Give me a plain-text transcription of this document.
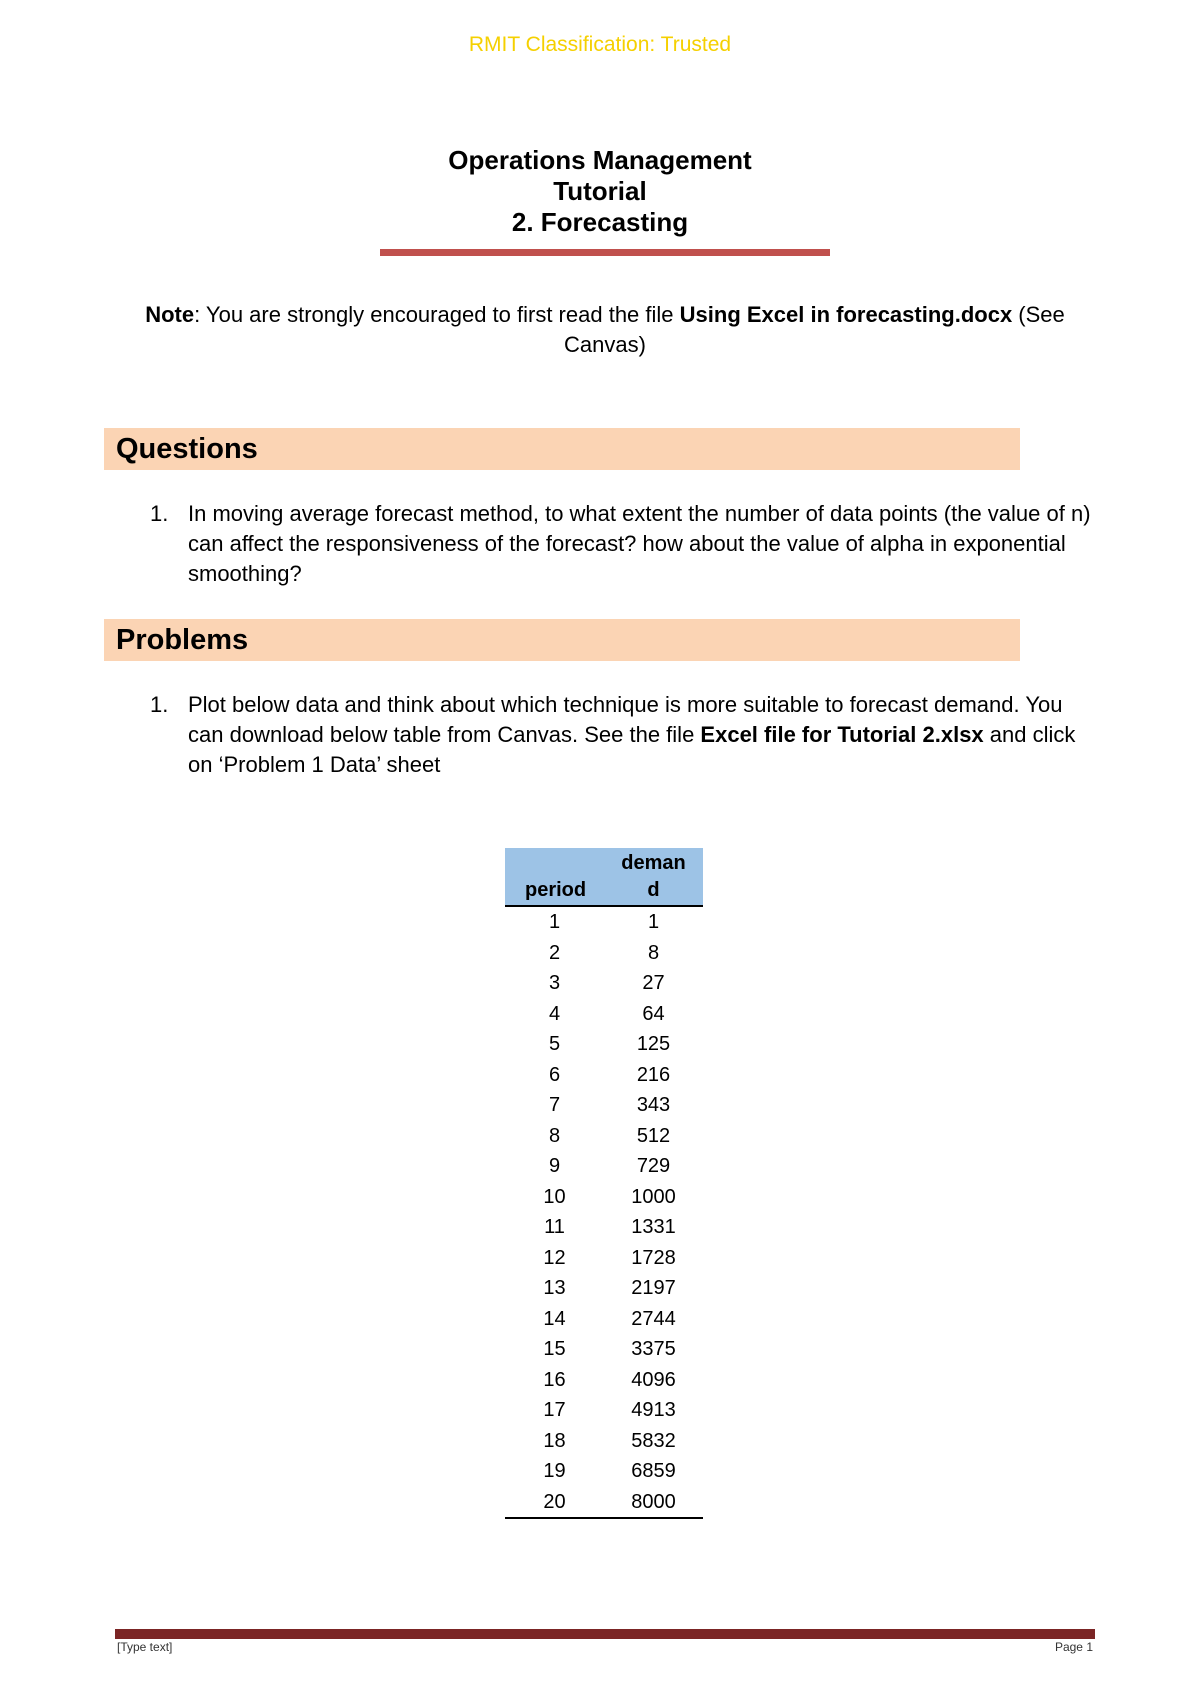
RMIT Classification: Trusted
Operations Management
Tutorial
2. Forecasting
Note: You are strongly encouraged to first read the file Using Excel in forecasting.docx (See Canvas)
Questions
1. In moving average forecast method, to what extent the number of data points (the value of n) can affect the responsiveness of the forecast? how about the value of alpha in exponential smoothing?
Problems
1. Plot below data and think about which technique is more suitable to forecast demand. You can download below table from Canvas. See the file Excel file for Tutorial 2.xlsx and click on ‘Problem 1 Data’ sheet
period	deman
d

1	1
2	8
3	27
4	64
5	125
6	216
7	343
8	512
9	729
10	1000
11	1331
12	1728
13	2197
14	2744
15	3375
16	4096
17	4913
18	5832
19	6859
20	8000
[Type text]	Page 1
